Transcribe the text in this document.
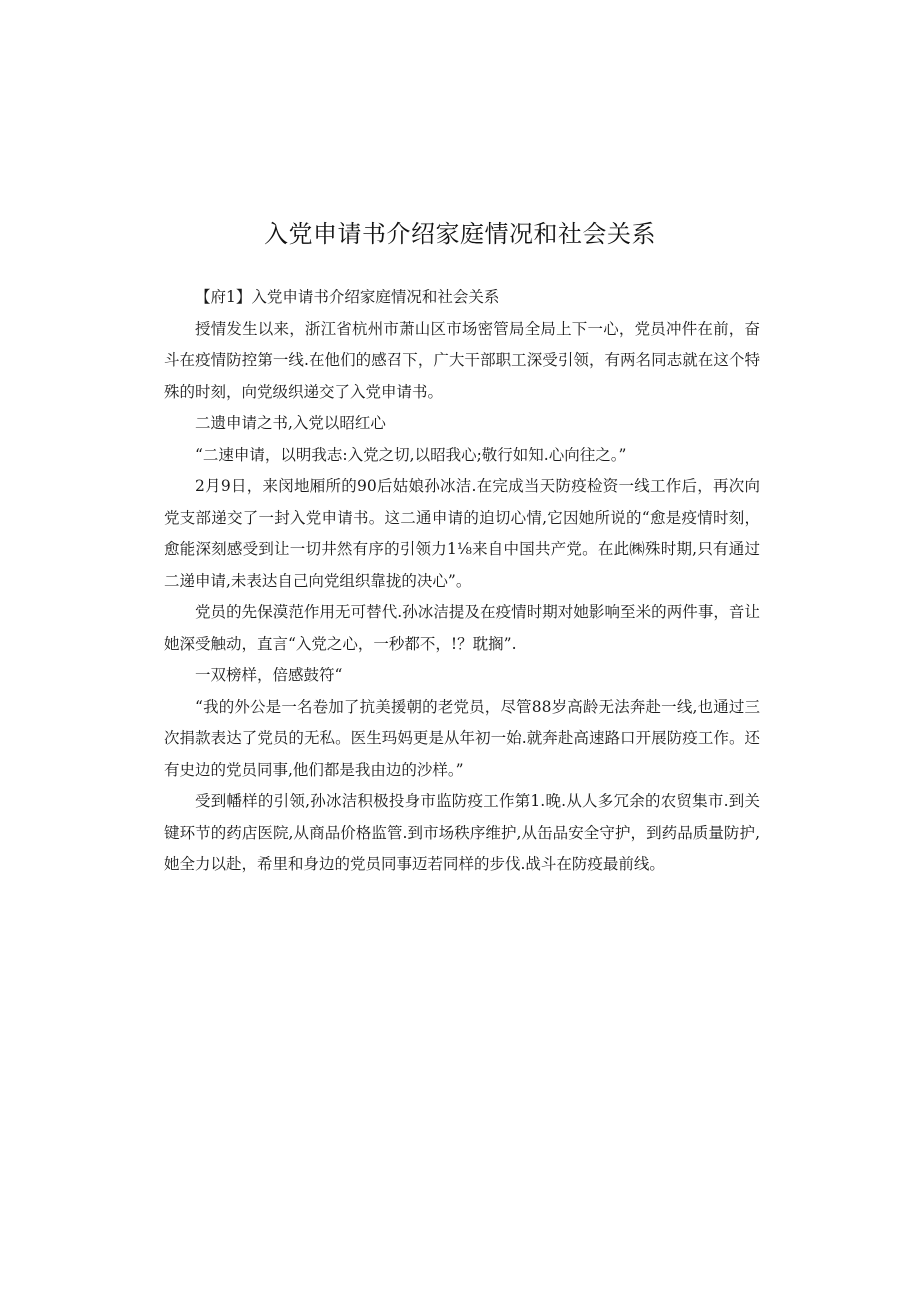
入党申请书介绍家庭情况和社会关系

【府1】入党申请书介绍家庭情况和社会关系

授情发生以来，浙江省杭州市萧山区市场密管局全局上下一心，党员冲件在前，奋斗在疫情防控第一线.在他们的感召下，广大干部职工深受引领，有两名同志就在这个特殊的时刻，向党级织递交了入党申请书。

二遗申请之书,入党以昭红心

“二速申请，以明我志:入党之切,以昭我心;敬行如知.心向往之。”

2月9日，来闵地厢所的90后姑娘孙冰洁.在完成当天防疫检资一线工作后，再次向党支部递交了一封入党申请书。这二通申请的迫切心情,它因她所说的“愈是疫情时刻，愈能深刻感受到让一切井然有序的引领力1⅛来自中国共产党。在此㈱殊时期,只有通过二递申请,未表达自己向党组织靠拢的决心”。

党员的先保漠范作用无可替代.孙冰洁提及在疫情时期对她影响至米的两件事，音让她深受触动，直言“入党之心，一秒都不，!？耽搁”.

一双榜样，倍感鼓符“

“我的外公是一名卷加了抗美援朝的老党员，尽管88岁高龄无法奔赴一线,也通过三次捐款表达了党员的无私。医生玛妈更是从年初一始.就奔赴高速路口开展防疫工作。还有史边的党员同事,他们都是我由边的沙样。”

受到幡样的引领,孙冰洁积极投身市监防疫工作第1.晚.从人多冗余的农贸集市.到关键环节的药店医院,从商品价格监管.到市场秩序维护,从缶品安全守护，到药品质量防护,她全力以赴，希里和身边的党员同事迈若同样的步伐.战斗在防疫最前线。
